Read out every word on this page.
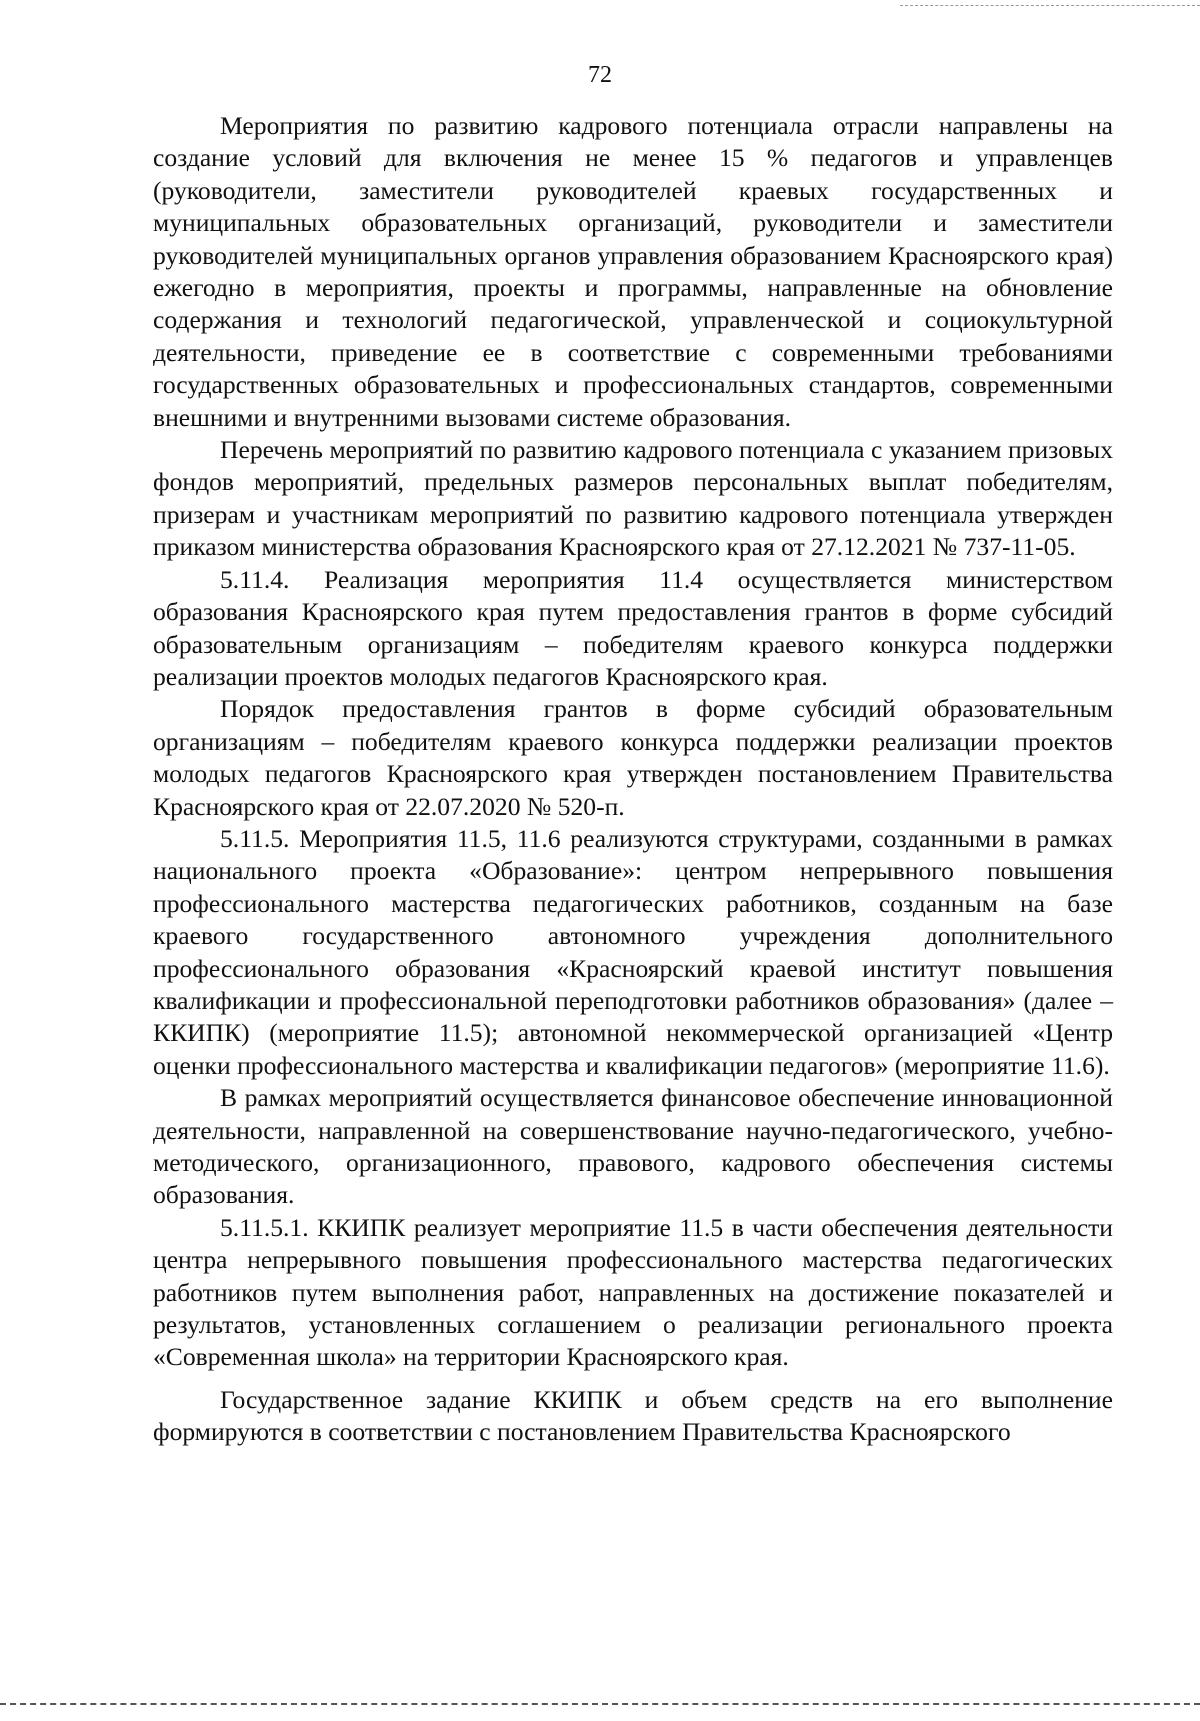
72

Мероприятия по развитию кадрового потенциала отрасли направлены на создание условий для включения не менее 15 % педагогов и управленцев (руководители, заместители руководителей краевых государственных и муниципальных образовательных организаций, руководители и заместители руководителей муниципальных органов управления образованием Красноярского края) ежегодно в мероприятия, проекты и программы, направленные на обновление содержания и технологий педагогической, управленческой и социокультурной деятельности, приведение ее в соответствие с современными требованиями государственных образовательных и профессиональных стандартов, современными внешними и внутренними вызовами системе образования.

Перечень мероприятий по развитию кадрового потенциала с указанием призовых фондов мероприятий, предельных размеров персональных выплат победителям, призерам и участникам мероприятий по развитию кадрового потенциала утвержден приказом министерства образования Красноярского края от 27.12.2021 № 737-11-05.

5.11.4. Реализация мероприятия 11.4 осуществляется министерством образования Красноярского края путем предоставления грантов в форме субсидий образовательным организациям – победителям краевого конкурса поддержки реализации проектов молодых педагогов Красноярского края.

Порядок предоставления грантов в форме субсидий образовательным организациям – победителям краевого конкурса поддержки реализации проектов молодых педагогов Красноярского края утвержден постановлением Правительства Красноярского края от 22.07.2020 № 520-п.

5.11.5. Мероприятия 11.5, 11.6 реализуются структурами, созданными в рамках национального проекта «Образование»: центром непрерывного повышения профессионального мастерства педагогических работников, созданным на базе краевого государственного автономного учреждения дополнительного профессионального образования «Красноярский краевой институт повышения квалификации и профессиональной переподготовки работников образования» (далее – ККИПК) (мероприятие 11.5); автономной некоммерческой организацией «Центр оценки профессионального мастерства и квалификации педагогов» (мероприятие 11.6).

В рамках мероприятий осуществляется финансовое обеспечение инновационной деятельности, направленной на совершенствование научно-педагогического, учебно-методического, организационного, правового, кадрового обеспечения системы образования.

5.11.5.1. ККИПК реализует мероприятие 11.5 в части обеспечения деятельности центра непрерывного повышения профессионального мастерства педагогических работников путем выполнения работ, направленных на достижение показателей и результатов, установленных соглашением о реализации регионального проекта «Современная школа» на территории Красноярского края.

Государственное задание ККИПК и объем средств на его выполнение формируются в соответствии с постановлением Правительства Красноярского
